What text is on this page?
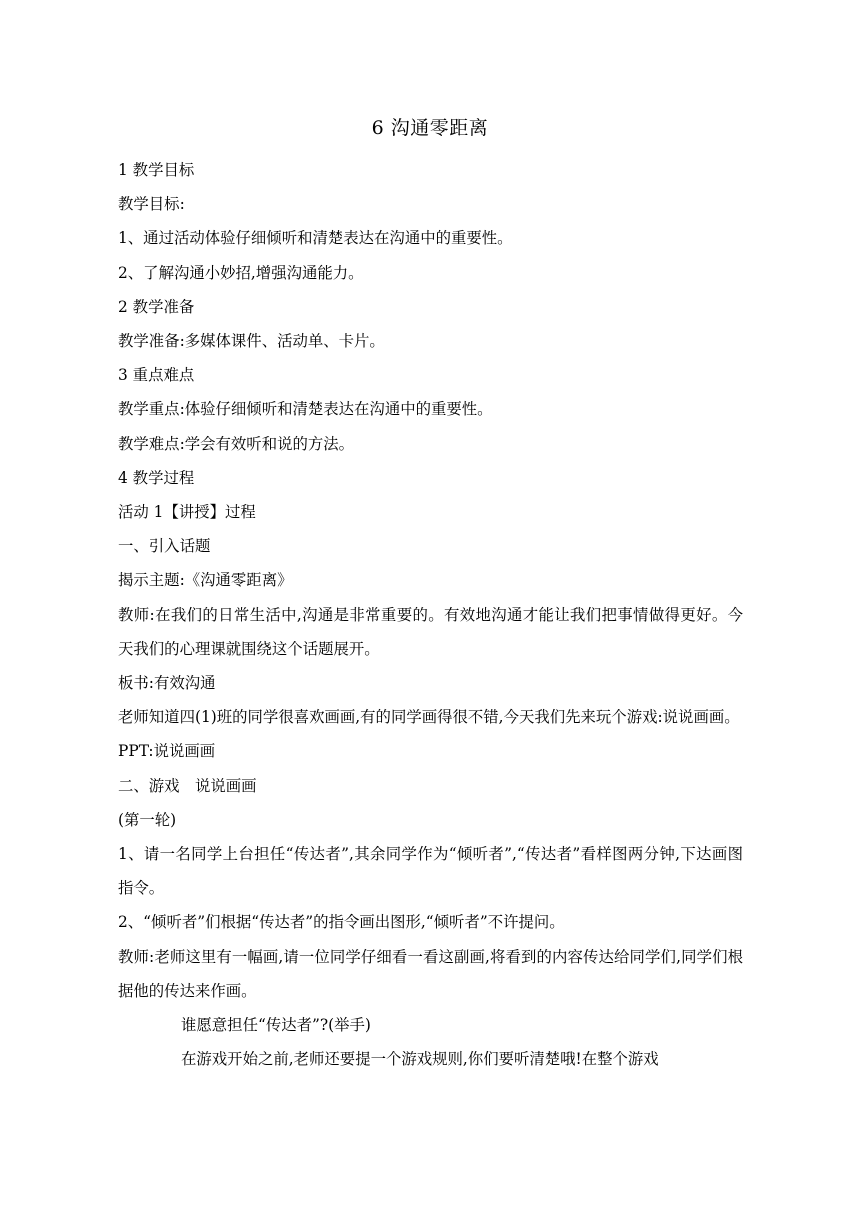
6 沟通零距离

1 教学目标

教学目标:

1、通过活动体验仔细倾听和清楚表达在沟通中的重要性。

2、了解沟通小妙招,增强沟通能力。

2 教学准备

教学准备:多媒体课件、活动单、卡片。

3 重点难点

教学重点:体验仔细倾听和清楚表达在沟通中的重要性。

教学难点:学会有效听和说的方法。

4 教学过程

活动 1【讲授】过程

一、引入话题

揭示主题:《沟通零距离》

教师:在我们的日常生活中,沟通是非常重要的。有效地沟通才能让我们把事情做得更好。今天我们的心理课就围绕这个话题展开。

板书:有效沟通

老师知道四(1)班的同学很喜欢画画,有的同学画得很不错,今天我们先来玩个游戏:说说画画。

PPT:说说画画

二、游戏　说说画画

(第一轮)

1、请一名同学上台担任“传达者”,其余同学作为“倾听者”,“传达者”看样图两分钟,下达画图指令。

2、“倾听者”们根据“传达者”的指令画出图形,“倾听者”不许提问。

教师:老师这里有一幅画,请一位同学仔细看一看这副画,将看到的内容传达给同学们,同学们根据他的传达来作画。

谁愿意担任“传达者”?(举手)

在游戏开始之前,老师还要提一个游戏规则,你们要听清楚哦!在整个游戏
